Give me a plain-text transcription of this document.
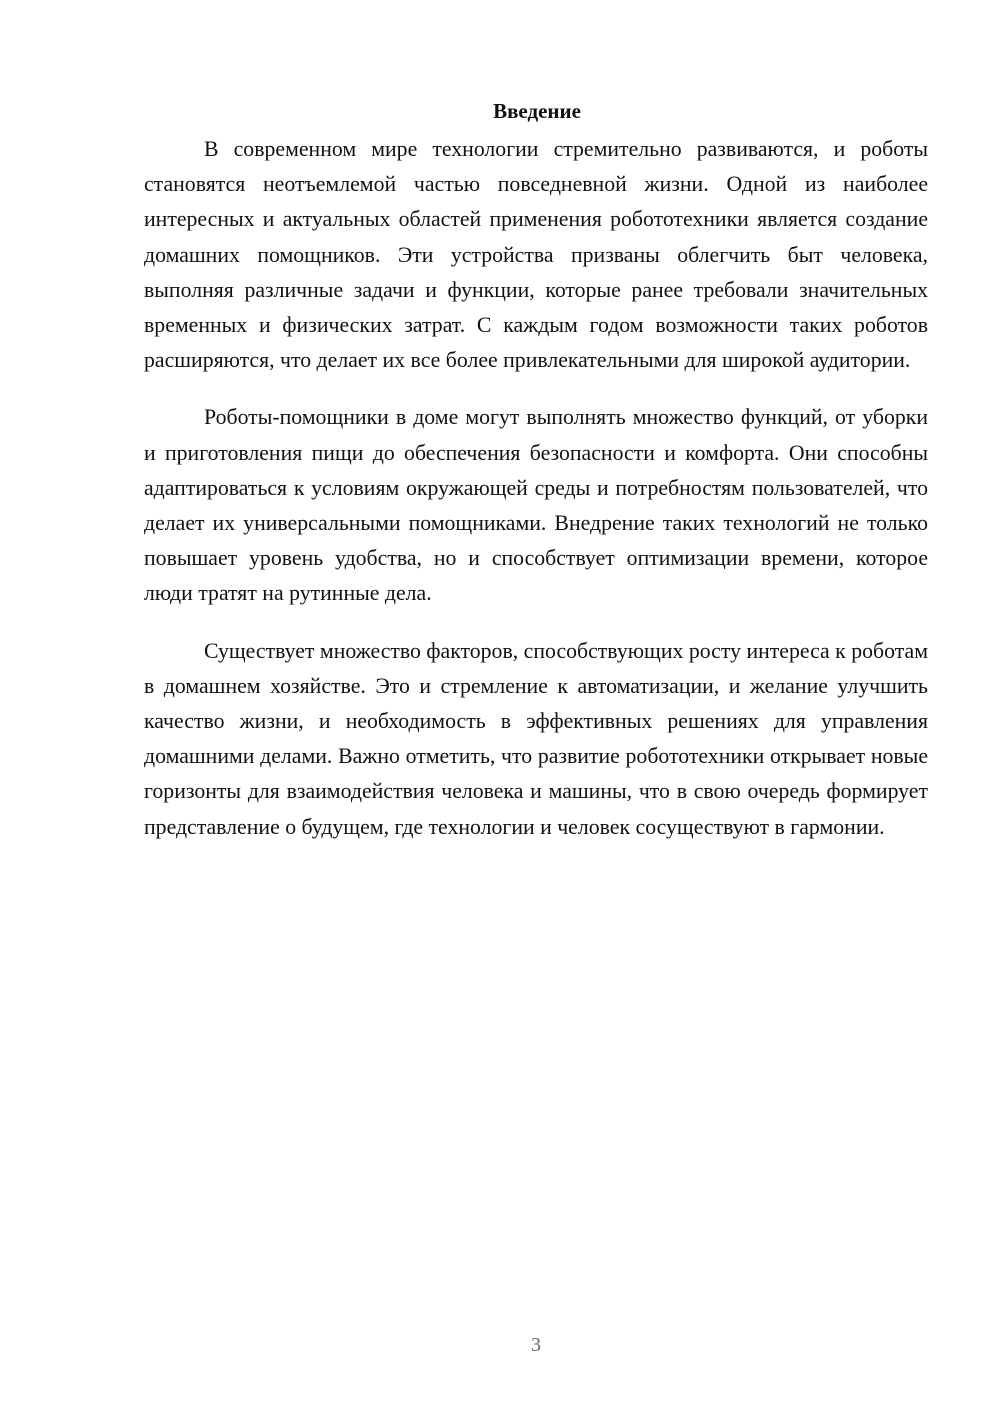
Введение

В современном мире технологии стремительно развиваются, и роботы становятся неотъемлемой частью повседневной жизни. Одной из наиболее интересных и актуальных областей применения робототехники является создание домашних помощников. Эти устройства призваны облегчить быт человека, выполняя различные задачи и функции, которые ранее требовали значительных временных и физических затрат. С каждым годом возможности таких роботов расширяются, что делает их все более привлекательными для широкой аудитории.

Роботы-помощники в доме могут выполнять множество функций, от уборки и приготовления пищи до обеспечения безопасности и комфорта. Они способны адаптироваться к условиям окружающей среды и потребностям пользователей, что делает их универсальными помощниками. Внедрение таких технологий не только повышает уровень удобства, но и способствует оптимизации времени, которое люди тратят на рутинные дела.

Существует множество факторов, способствующих росту интереса к роботам в домашнем хозяйстве. Это и стремление к автоматизации, и желание улучшить качество жизни, и необходимость в эффективных решениях для управления домашними делами. Важно отметить, что развитие робототехники открывает новые горизонты для взаимодействия человека и машины, что в свою очередь формирует представление о будущем, где технологии и человек сосуществуют в гармонии.

3
